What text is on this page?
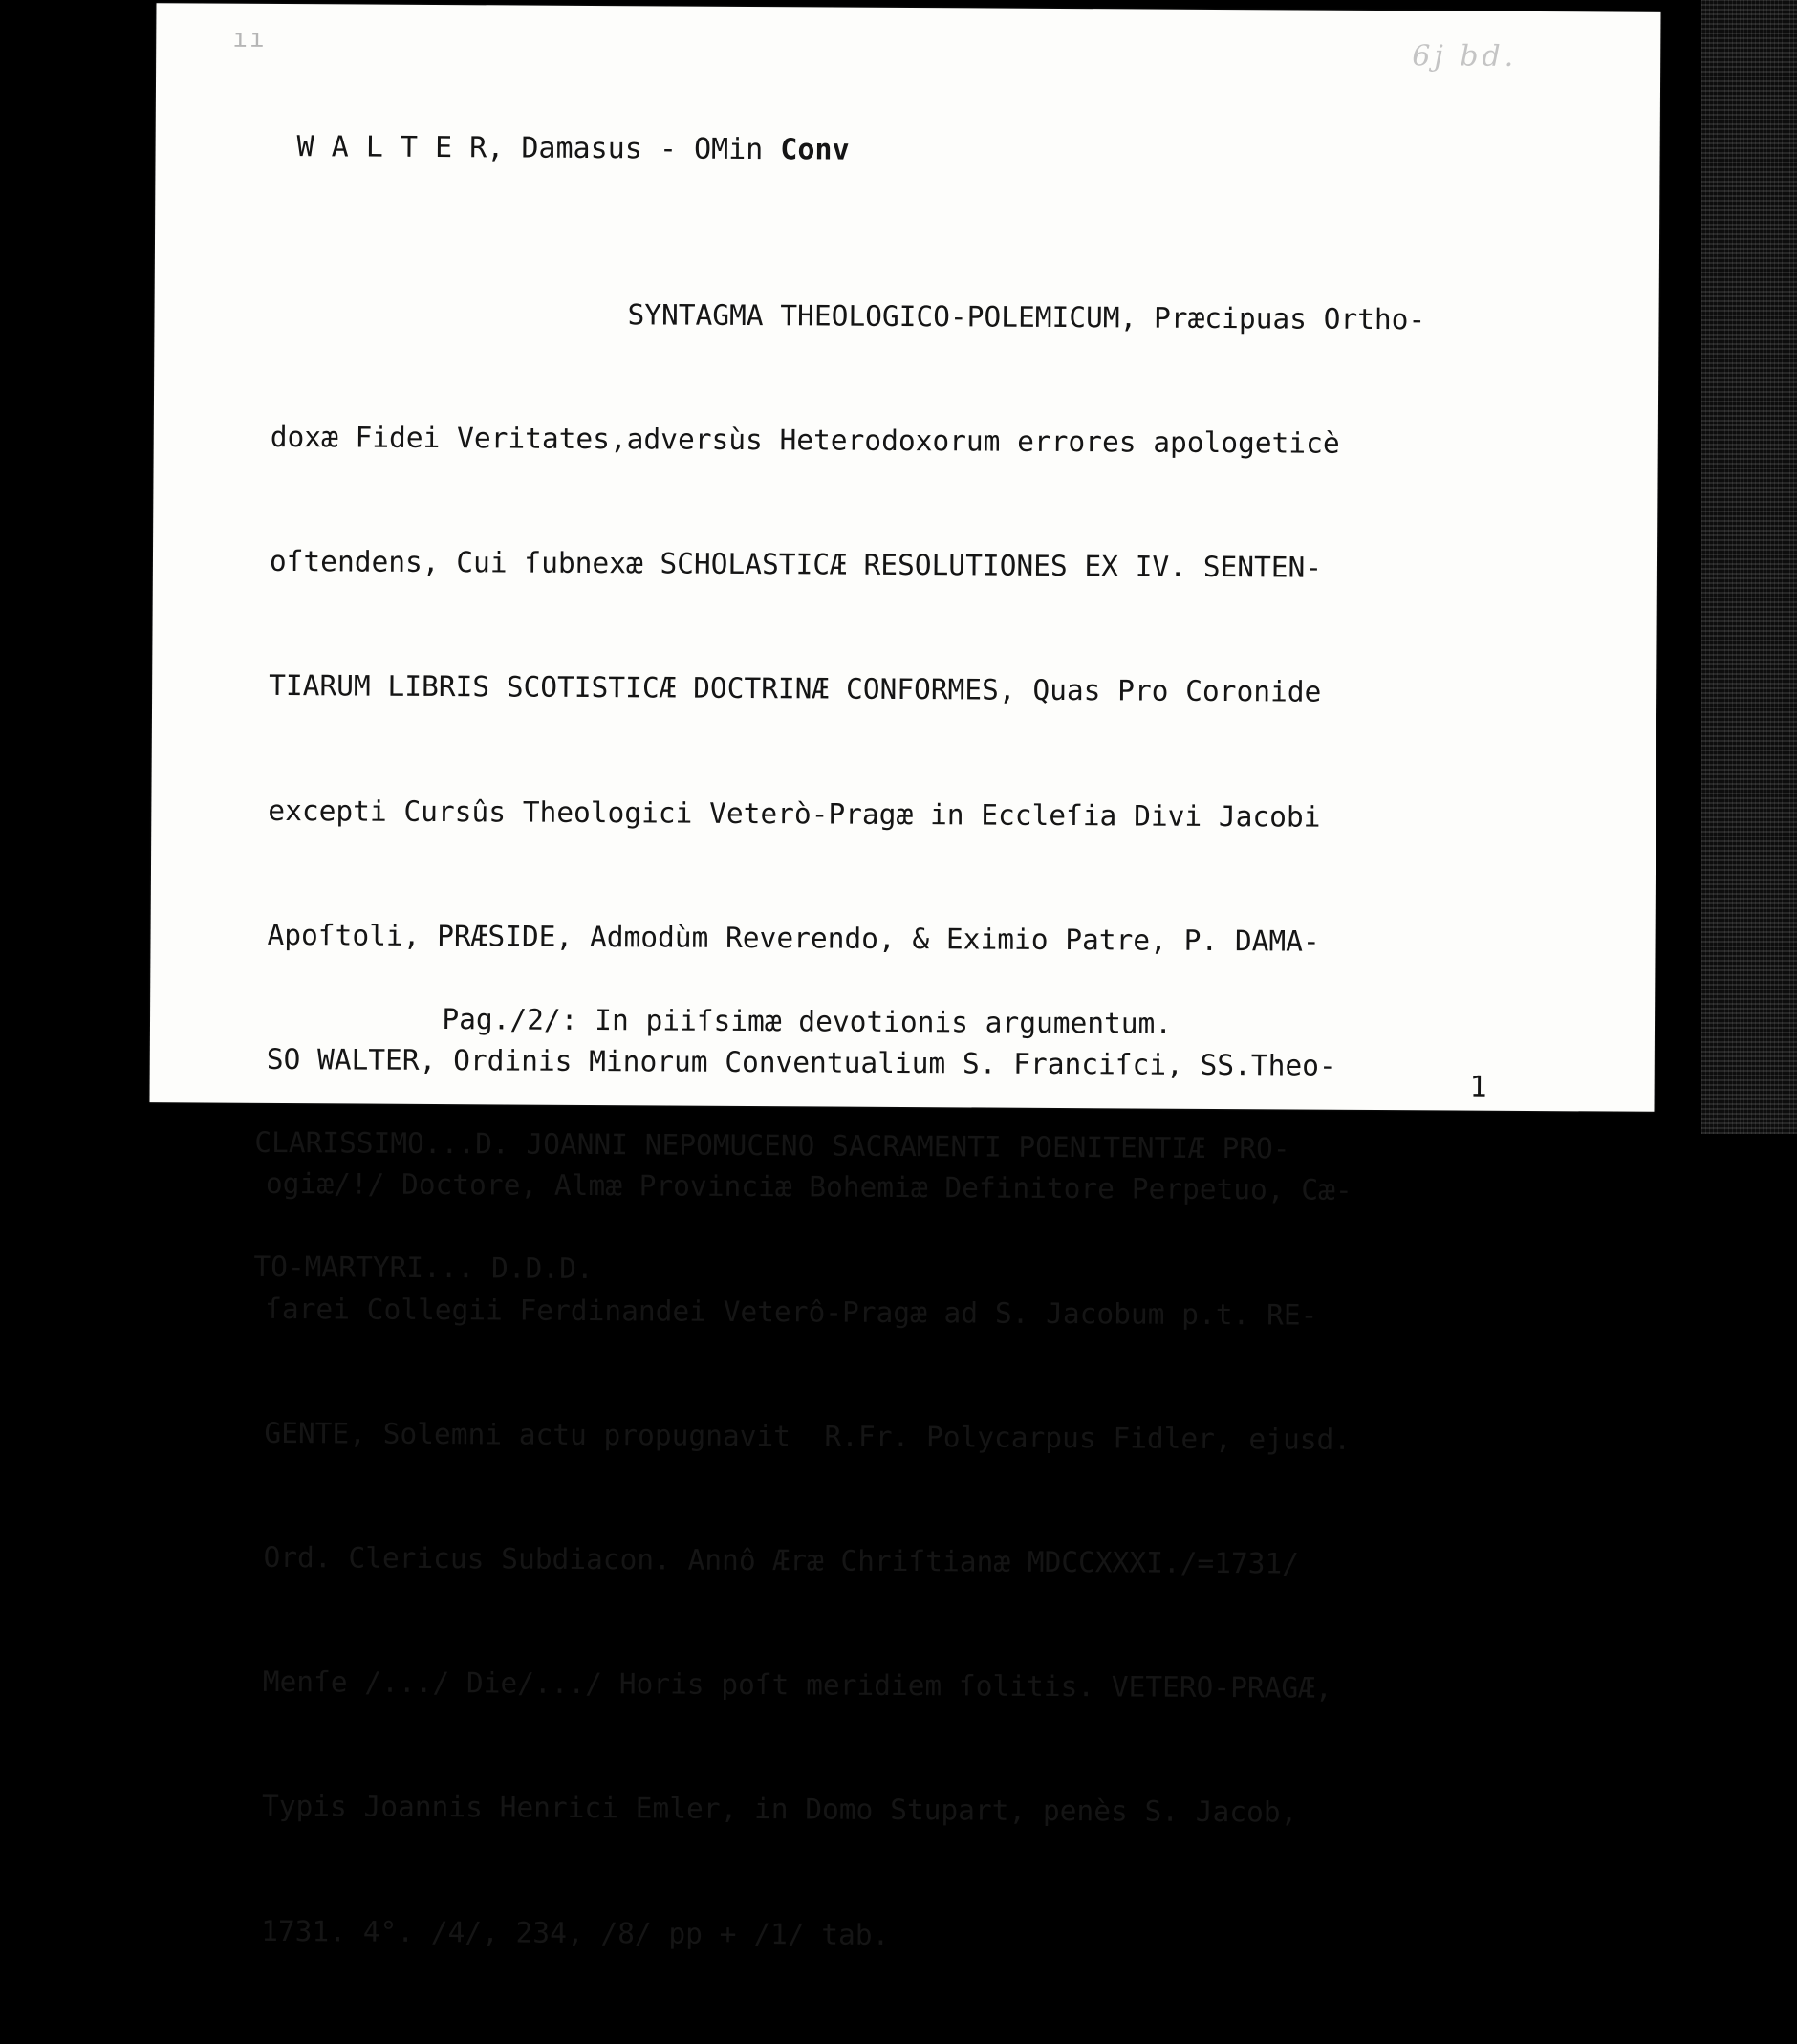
ıı
6j bd.
W A L T E R, Damasus - OMin Conv

SYNTAGMA THEOLOGICO-POLEMICUM, Præcipuas Ortho-

doxæ Fidei Veritates,adversùs Heterodoxorum errores apologeticè

oſtendens, Cui ſubnexæ SCHOLASTICÆ RESOLUTIONES EX IV. SENTEN-

TIARUM LIBRIS SCOTISTICÆ DOCTRINÆ CONFORMES, Quas Pro Coronide

excepti Cursûs Theologici Veterò-Pragæ in Eccleſia Divi Jacobi

Apoſtoli, PRÆSIDE, Admodùm Reverendo, & Eximio Patre, P. DAMA-

SO WALTER, Ordinis Minorum Conventualium S. Franciſci, SS.Theo-

ogiæ/!/ Doctore, Almæ Provinciæ Bohemiæ Definitore Perpetuo, Cæ-

ſarei Collegii Ferdinandei Veterô-Pragæ ad S. Jacobum p.t. RE-

GENTE, Solemni actu propugnavit  R.Fr. Polycarpus Fidler, ejusd.

Ord. Clericus Subdiacon. Annô Æræ Chriſtianæ MDCCXXXI./=1731/

Menſe /.../ Die/.../ Horis poſt meridiem ſolitis. VETERO-PRAGÆ,

Typis Joannis Henrici Emler, in Domo Stupart, penès S. Jacob,

1731. 4°. /4/, 234, /8/ pp + /1/ tab.

Pag./2/: In piiſsimæ devotionis argumentum.

CLARISSIMO...D. JOANNI NEPOMUCENO SACRAMENTI POENITENTIÆ PRO-

TO-MARTYRI... D.D.D.

1
